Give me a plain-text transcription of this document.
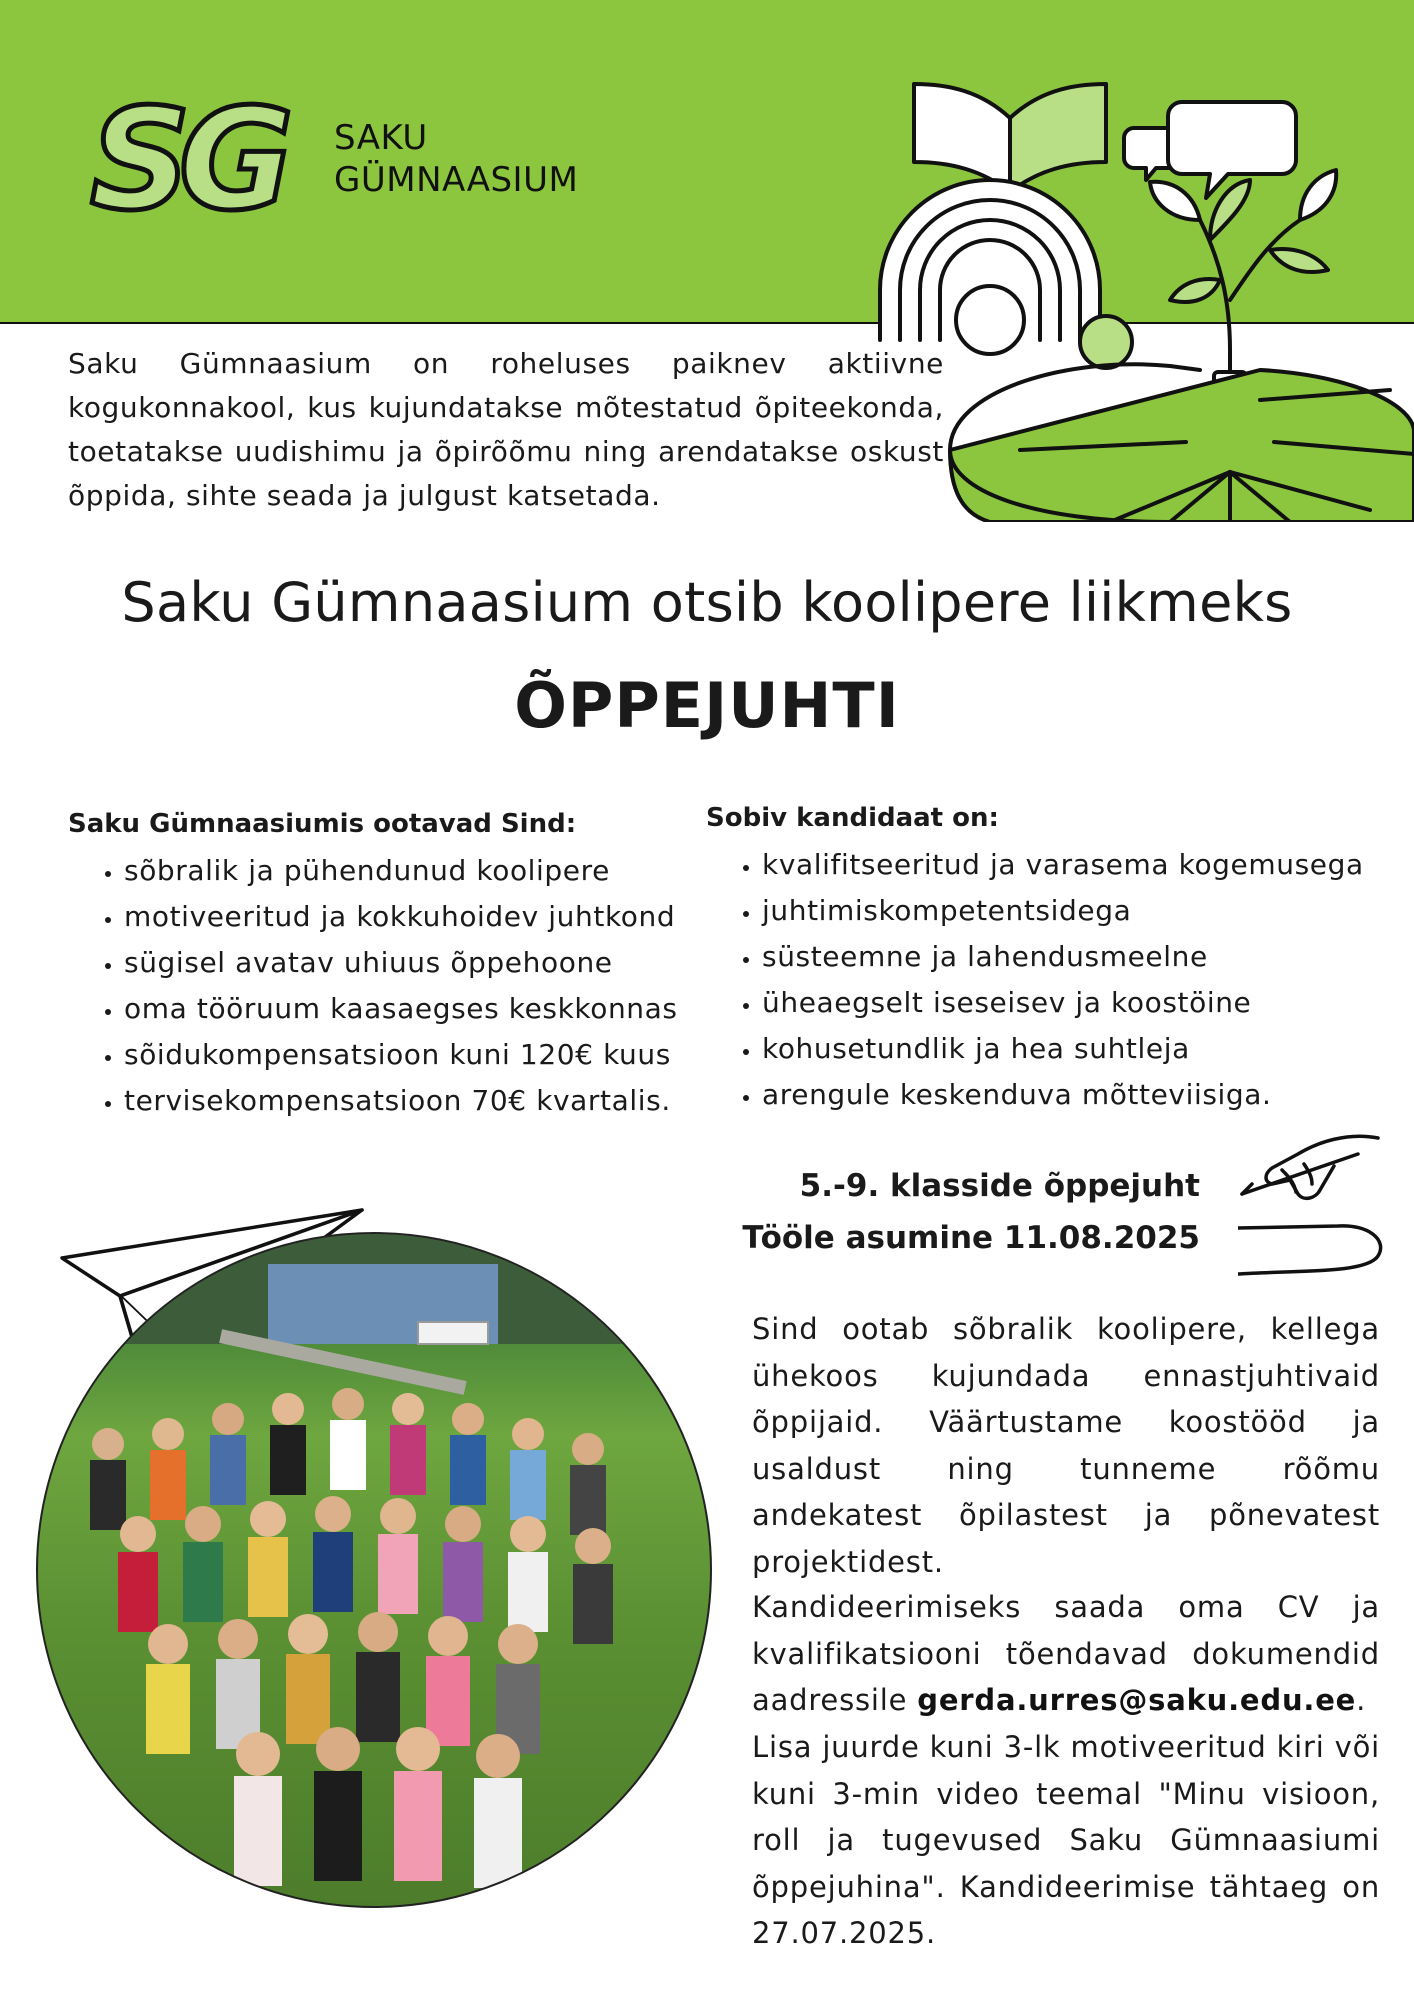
SG SAKU
GÜMNAASIUM
Saku Gümnaasium on roheluses paiknev aktiivne kogukonnakool, kus kujundatakse mõtestatud õpiteekonda, toetatakse uudishimu ja õpirõõmu ning arendatakse oskust õppida, sihte seada ja julgust katsetada.
Saku Gümnaasium otsib koolipere liikmeks
ÕPPEJUHTI
Saku Gümnaasiumis ootavad Sind:
• sõbralik ja pühendunud koolipere
• motiveeritud ja kokkuhoidev juhtkond
• sügisel avatav uhiuus õppehoone
• oma tööruum kaasaegses keskkonnas
• sõidukompensatsioon kuni 120€ kuus
• tervisekompensatsioon 70€ kvartalis.
Sobiv kandidaat on:
• kvalifitseeritud ja varasema kogemusega
• juhtimiskompetentsidega
• süsteemne ja lahendusmeelne
• üheaegselt iseseisev ja koostöine
• kohusetundlik ja hea suhtleja
• arengule keskenduva mõtteviisiga.
5.-9. klasside õppejuht
Tööle asumine 11.08.2025
Sind ootab sõbralik koolipere, kellega ühekoos kujundada ennastjuhtivaid õppijaid. Väärtustame koostööd ja usaldust ning tunneme rõõmu andekatest õpilastest ja põnevatest projektidest.
Kandideerimiseks saada oma CV ja kvalifikatsiooni tõendavad dokumendid aadressile gerda.urres@saku.edu.ee.
Lisa juurde kuni 3-lk motiveeritud kiri või kuni 3-min video teemal "Minu visioon, roll ja tugevused Saku Gümnaasiumi õppejuhina". Kandideerimise tähtaeg on 27.07.2025.
